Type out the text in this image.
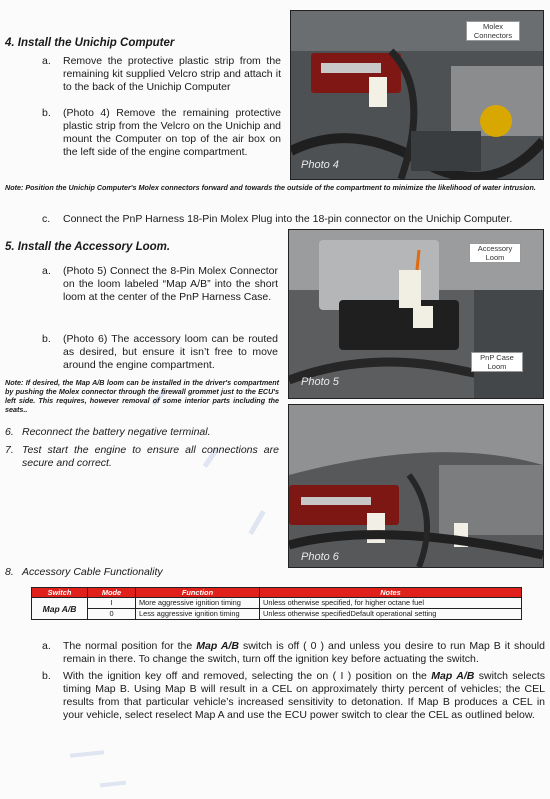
4. Install the Unichip Computer
a. Remove the protective plastic strip from the remaining kit supplied Velcro strip and attach it to the back of the Unichip Computer
b. (Photo 4) Remove the remaining protective plastic strip from the Velcro on the Unichip and mount the Computer on top of the air box on the left side of the engine compartment.
Molex Connectors
Photo 4
Note: Position the Unichip Computer's Molex connectors forward and towards the outside of the compartment to minimize the likelihood of water intrusion.
c. Connect the PnP Harness 18-Pin Molex Plug into the 18-pin connector on the Unichip Computer.
5. Install the Accessory Loom.
a. (Photo 5) Connect the 8-Pin Molex Connector on the loom labeled “Map A/B” into the short loom at the center of the PnP Harness Case.
b. (Photo 6) The accessory loom can be routed as desired, but ensure it isn’t free to move around the engine compartment.
Note: If desired, the Map A/B loom can be installed in the driver's compartment by pushing the Molex connector through the firewall grommet just to the ECU's left side. This requires, however removal of some interior parts including the seats..
Accessory Loom
PnP Case Loom
Photo 5
6. Reconnect the battery negative terminal.
7. Test start the engine to ensure all connections are secure and correct.
Photo 6
8. Accessory Cable Functionality
Switch	Mode	Function	Notes
Map A/B	I	More aggressive ignition timing	Unless otherwise specified, for higher octane fuel
	0	Less aggressive ignition timing	Unless otherwise specifiedDefault operational setting
a. The normal position for the Map A/B switch is off ( 0 ) and unless you desire to run Map B it should remain in there. To change the switch, turn off the ignition key before actuating the switch.
b. With the ignition key off and removed, selecting the on ( I ) position on the Map A/B switch selects timing Map B. Using Map B will result in a CEL on approximately thirty percent of vehicles; the CEL results from that particular vehicle’s increased sensitivity to detonation. If Map B produces a CEL in your vehicle, select reselect Map A and use the ECU power switch to clear the CEL as outlined below.
